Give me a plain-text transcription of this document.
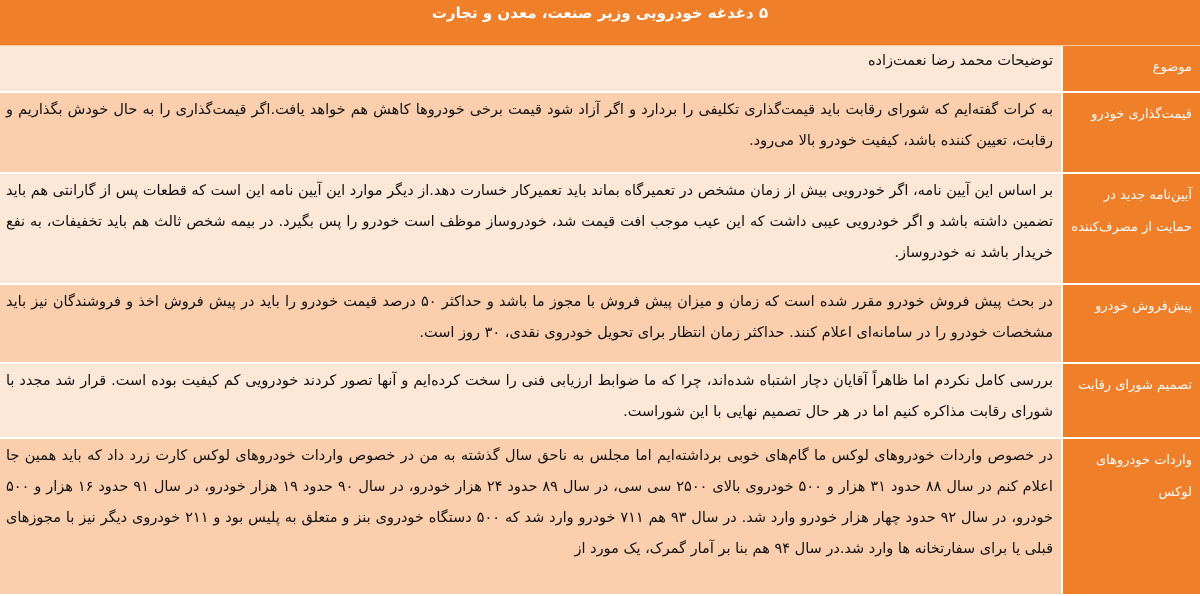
۵ دغدغه خودرویی وزیر صنعت، معدن و تجارت
موضوع
توضیحات محمد رضا نعمت‌زاده
قیمت‌گذاری خودرو
به کرات گفته‌ایم که شورای رقابت باید قیمت‌گذاری تکلیفی را بردارد و اگر آزاد شود قیمت برخی خودروها کاهش هم خواهد یافت.اگر قیمت‌گذاری را به حال خودش بگذاریم و رقابت، تعیین کننده باشد، کیفیت خودرو بالا می‌رود.
آیین‌نامه جدید در حمایت از مصرف‌کننده
بر اساس این آیین نامه، اگر خودرویی بیش از زمان مشخص در تعمیرگاه بماند باید تعمیرکار خسارت دهد.از دیگر موارد این آیین نامه این است که قطعات پس از گارانتی هم باید تضمین داشته باشد و اگر خودرویی عیبی داشت که این عیب موجب افت قیمت شد، خودروساز موظف است خودرو را پس بگیرد. در بیمه شخص ثالث هم باید تخفیفات، به نفع خریدار باشد نه خودروساز.
پیش‌فروش خودرو
در بحث پیش فروش خودرو مقرر شده است که زمان و میزان پیش فروش با مجوز ما باشد و حداکثر ۵۰ درصد قیمت خودرو را باید در پیش فروش اخذ و فروشندگان نیز باید مشخصات خودرو را در سامانه‌ای اعلام کنند. حداکثر زمان انتظار برای تحویل خودروی نقدی، ۳۰ روز است.
تصمیم شورای رقابت
بررسی کامل نکردم اما ظاهراً آقایان دچار اشتباه شده‌اند، چرا که ما ضوابط ارزیابی فنی را سخت کرده‌ایم و آنها تصور کردند خودرویی کم کیفیت بوده است. قرار شد مجدد با شورای رقابت مذاکره کنیم اما در هر حال تصمیم نهایی با این شوراست.
واردات خودروهای لوکس
در خصوص واردات خودروهای لوکس ما گام‌های خوبی برداشته‌ایم اما مجلس به ناحق سال گذشته به من در خصوص واردات خودروهای لوکس کارت زرد داد که باید همین جا اعلام کنم در سال ۸۸ حدود ۳۱ هزار و ۵۰۰ خودروی بالای ۲۵۰۰ سی سی، در سال ۸۹ حدود ۲۴ هزار خودرو، در سال ۹۰ حدود ۱۹ هزار خودرو، در سال ۹۱ حدود ۱۶ هزار و ۵۰۰ خودرو، در سال ۹۲ حدود چهار هزار خودرو وارد شد. در سال ۹۳ هم ۷۱۱ خودرو وارد شد که ۵۰۰ دستگاه خودروی بنز و متعلق به پلیس بود و ۲۱۱ خودروی دیگر نیز با مجوزهای قبلی یا برای سفارتخانه ها وارد شد.در سال ۹۴ هم بنا بر آمار گمرک، یک مورد از
